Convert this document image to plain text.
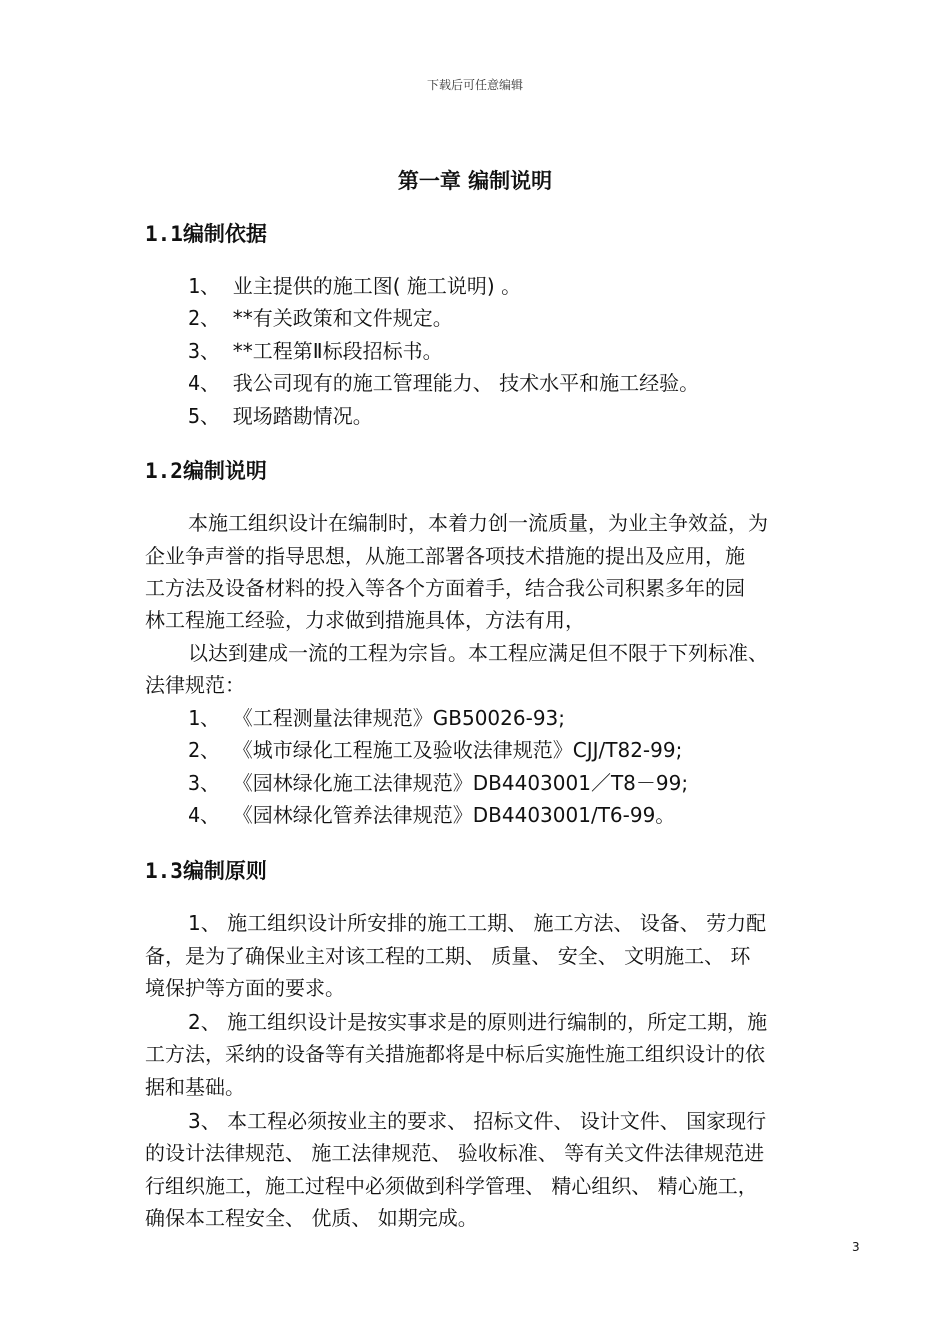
下载后可任意编辑
第一章 编制说明
1.1编制依据
1、 业主提供的施工图( 施工说明) 。
2、 **有关政策和文件规定。
3、 **工程第Ⅱ标段招标书。
4、 我公司现有的施工管理能力、 技术水平和施工经验。
5、 现场踏勘情况。
1.2编制说明
本施工组织设计在编制时，本着力创一流质量，为业主争效益，为
企业争声誉的指导思想，从施工部署各项技术措施的提出及应用，施
工方法及设备材料的投入等各个方面着手，结合我公司积累多年的园
林工程施工经验，力求做到措施具体，方法有用，
以达到建成一流的工程为宗旨。本工程应满足但不限于下列标准、
法律规范：
1、 《工程测量法律规范》GB50026-93;
2、 《城市绿化工程施工及验收法律规范》CJJ/T82-99;
3、 《园林绿化施工法律规范》DB4403001／T8－99;
4、 《园林绿化管养法律规范》DB4403001/T6-99。
1.3编制原则
1、 施工组织设计所安排的施工工期、 施工方法、 设备、 劳力配
备，是为了确保业主对该工程的工期、 质量、 安全、 文明施工、 环
境保护等方面的要求。
2、 施工组织设计是按实事求是的原则进行编制的，所定工期，施
工方法，采纳的设备等有关措施都将是中标后实施性施工组织设计的依
据和基础。
3、 本工程必须按业主的要求、 招标文件、 设计文件、 国家现行
的设计法律规范、 施工法律规范、 验收标准、 等有关文件法律规范进
行组织施工，施工过程中必须做到科学管理、 精心组织、 精心施工，
确保本工程安全、 优质、 如期完成。
3
